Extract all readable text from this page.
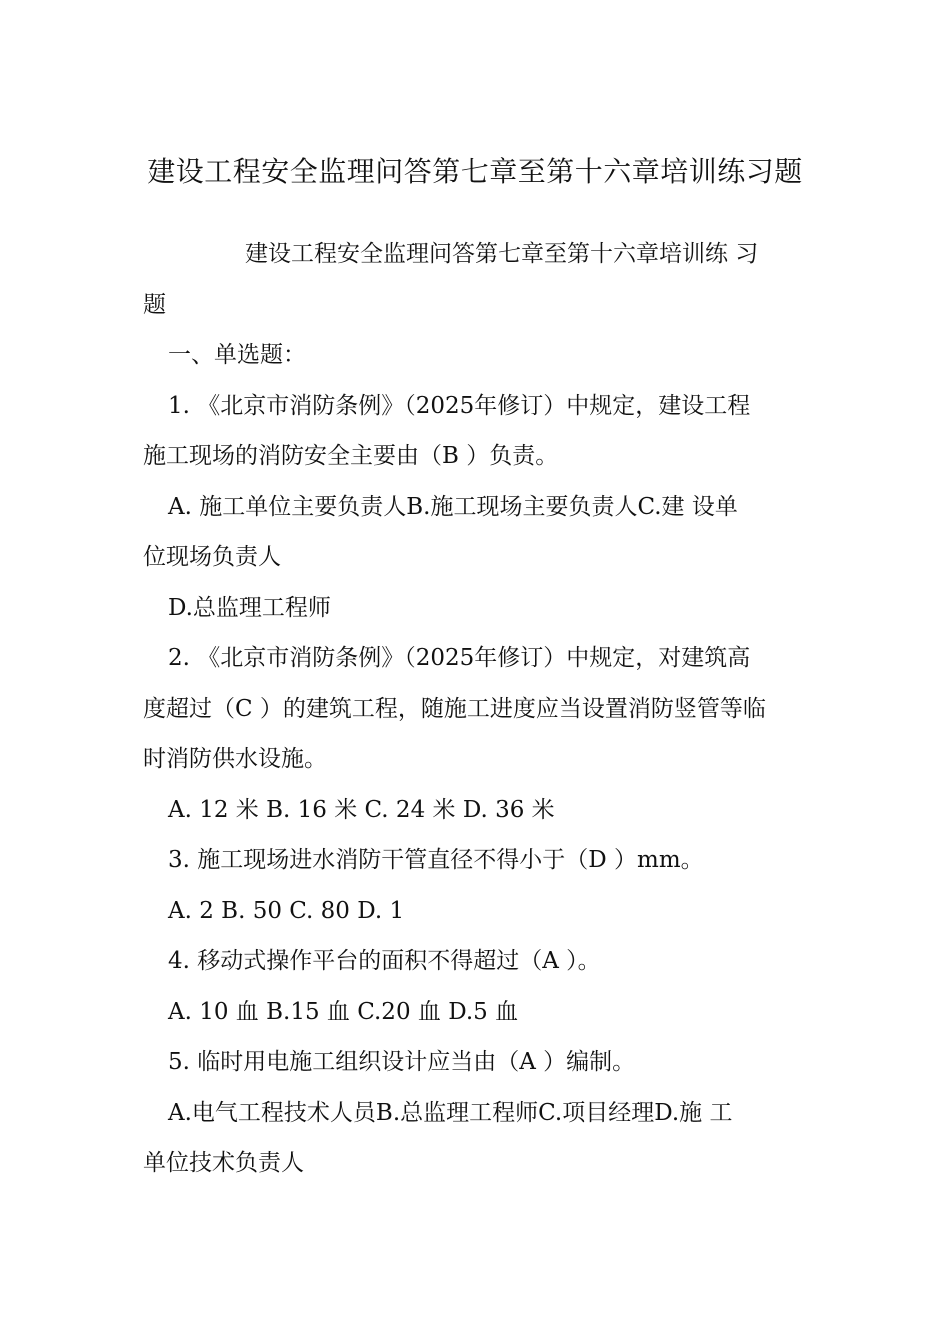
建设工程安全监理问答第七章至第十六章培训练习题
建设工程安全监理问答第七章至第十六章培训练 习
题
一、单选题：
1. 《北京市消防条例》（2025年修订）中规定，建设工程
施工现场的消防安全主要由（B ）负责。
A. 施工单位主要负责人B.施工现场主要负责人C.建 设单
位现场负责人
D.总监理工程师
2. 《北京市消防条例》（2025年修订）中规定，对建筑高
度超过（C ）的建筑工程，随施工进度应当设置消防竖管等临
时消防供水设施。
A. 12 米 B. 16 米 C. 24 米 D. 36 米
3. 施工现场进水消防干管直径不得小于（D ）mm。
A. 2 B. 50 C. 80 D. 1
4. 移动式操作平台的面积不得超过（A ）。
A. 10 血 B.15 血 C.20 血 D.5 血
5. 临时用电施工组织设计应当由（A ）编制。
A.电气工程技术人员B.总监理工程师C.项目经理D.施 工
单位技术负责人
